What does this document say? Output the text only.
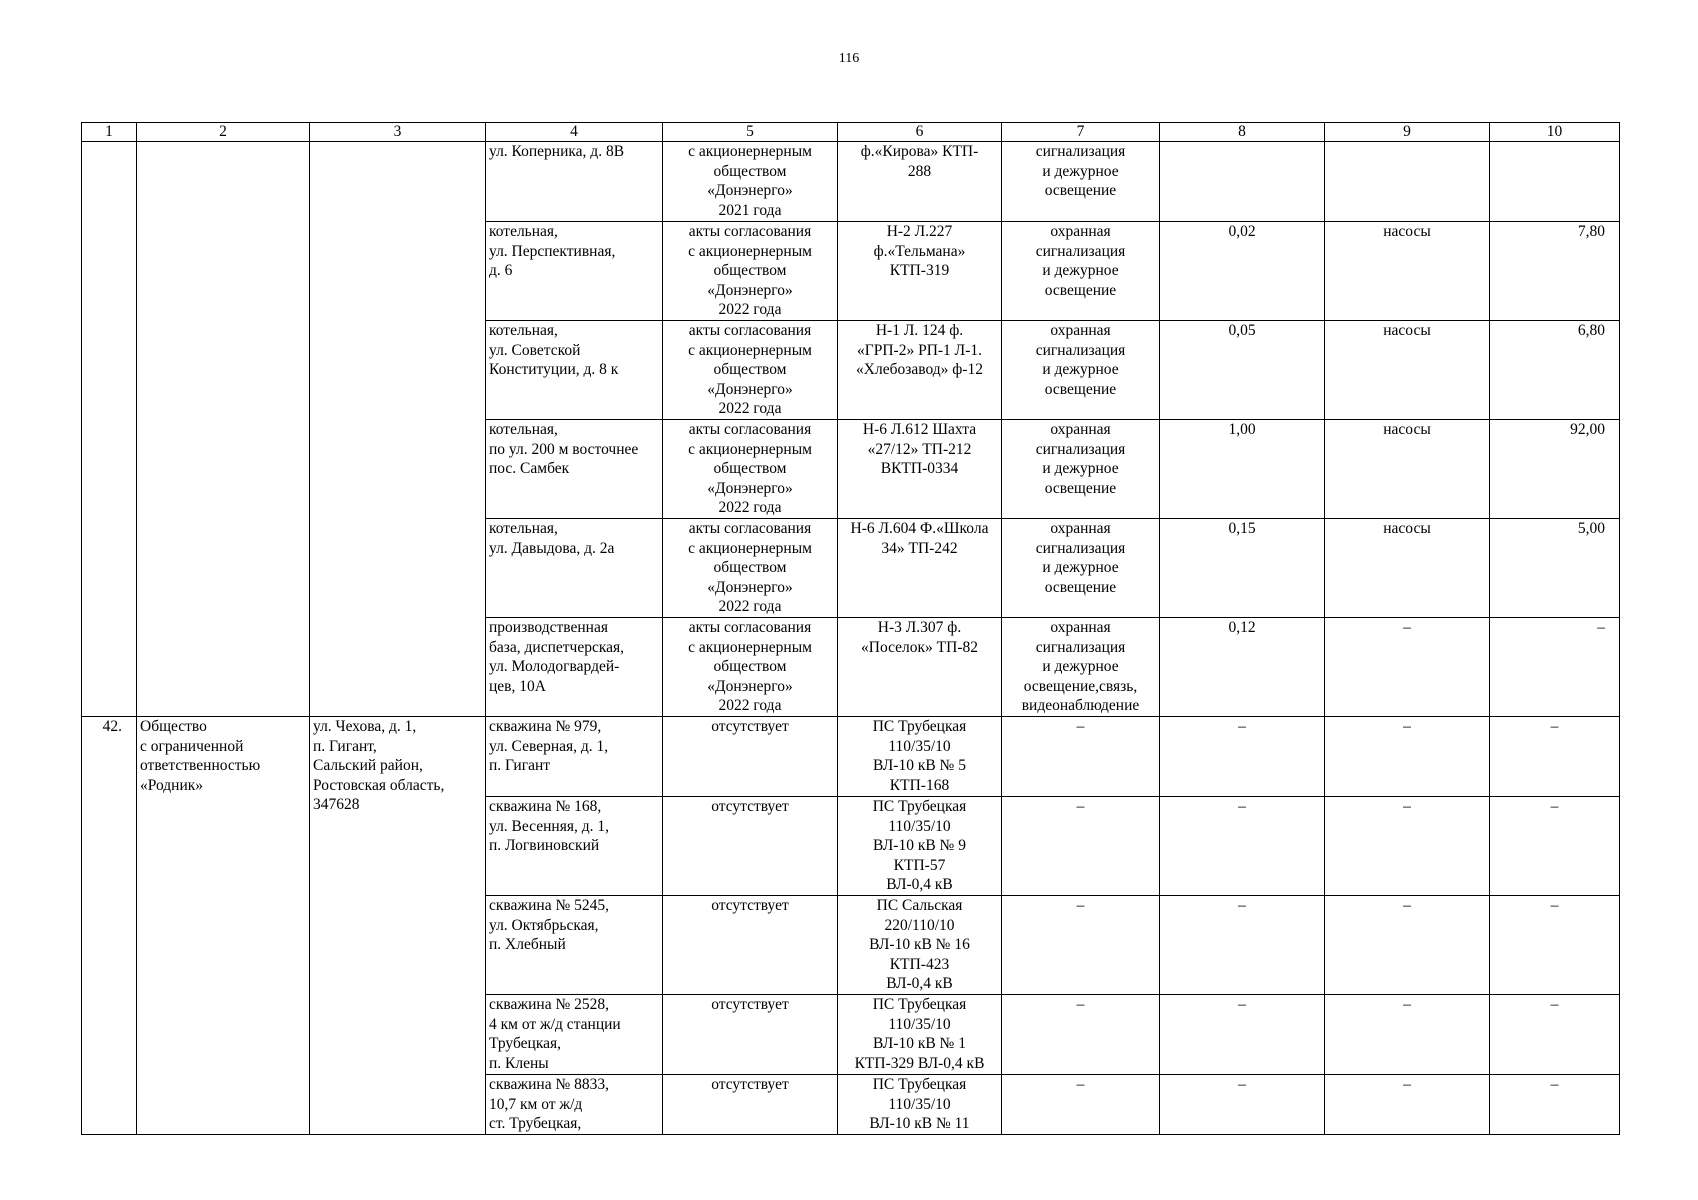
116
1	2	3	4	5	6	7	8	9	10
			ул. Коперника, д. 8В	с акционернерным
обществом
«Донэнерго»
2021 года	ф.«Кирова» КТП-
288	сигнализация
и дежурное
освещение			
			котельная,
ул. Перспективная,
д. 6	акты согласования
с акционернерным
обществом
«Донэнерго»
2022 года	Н-2 Л.227
ф.«Тельмана»
КТП-319	охранная
сигнализация
и дежурное
освещение	0,02	насосы	7,80
			котельная,
ул. Советской
Конституции, д. 8 к	акты согласования
с акционернерным
обществом
«Донэнерго»
2022 года	Н-1 Л. 124 ф.
«ГРП-2» РП-1 Л-1.
«Хлебозавод» ф-12	охранная
сигнализация
и дежурное
освещение	0,05	насосы	6,80
			котельная,
по ул. 200 м восточнее
пос. Самбек	акты согласования
с акционернерным
обществом
«Донэнерго»
2022 года	Н-6 Л.612 Шахта
«27/12» ТП-212
ВКТП-0334	охранная
сигнализация
и дежурное
освещение	1,00	насосы	92,00
			котельная,
ул. Давыдова, д. 2а	акты согласования
с акционернерным
обществом
«Донэнерго»
2022 года	Н-6 Л.604 Ф.«Школа
34» ТП-242	охранная
сигнализация
и дежурное
освещение	0,15	насосы	5,00
			производственная
база, диспетчерская,
ул. Молодогвардей-
цев, 10А	акты согласования
с акционернерным
обществом
«Донэнерго»
2022 года	Н-3 Л.307 ф.
«Поселок» ТП-82	охранная
сигнализация
и дежурное
освещение,связь,
видеонаблюдение	0,12	–	–
42.	Общество
с ограниченной
ответственностью
«Родник»	ул. Чехова, д. 1,
п. Гигант,
Сальский район,
Ростовская область,
347628	скважина № 979,
ул. Северная, д. 1,
п. Гигант	отсутствует	ПС Трубецкая
110/35/10
ВЛ-10 кВ № 5
КТП-168	–	–	–	–
			скважина № 168,
ул. Весенняя, д. 1,
п. Логвиновский	отсутствует	ПС Трубецкая
110/35/10
ВЛ-10 кВ № 9
КТП-57
ВЛ-0,4 кВ	–	–	–	–
			скважина № 5245,
ул. Октябрьская,
п. Хлебный	отсутствует	ПС Сальская
220/110/10
ВЛ-10 кВ № 16
КТП-423
ВЛ-0,4 кВ	–	–	–	–
			скважина № 2528,
4 км от ж/д станции
Трубецкая,
п. Клены	отсутствует	ПС Трубецкая
110/35/10
ВЛ-10 кВ № 1
КТП-329 ВЛ-0,4 кВ	–	–	–	–
			скважина № 8833,
10,7 км от ж/д
ст. Трубецкая,	отсутствует	ПС Трубецкая
110/35/10
ВЛ-10 кВ № 11	–	–	–	–
